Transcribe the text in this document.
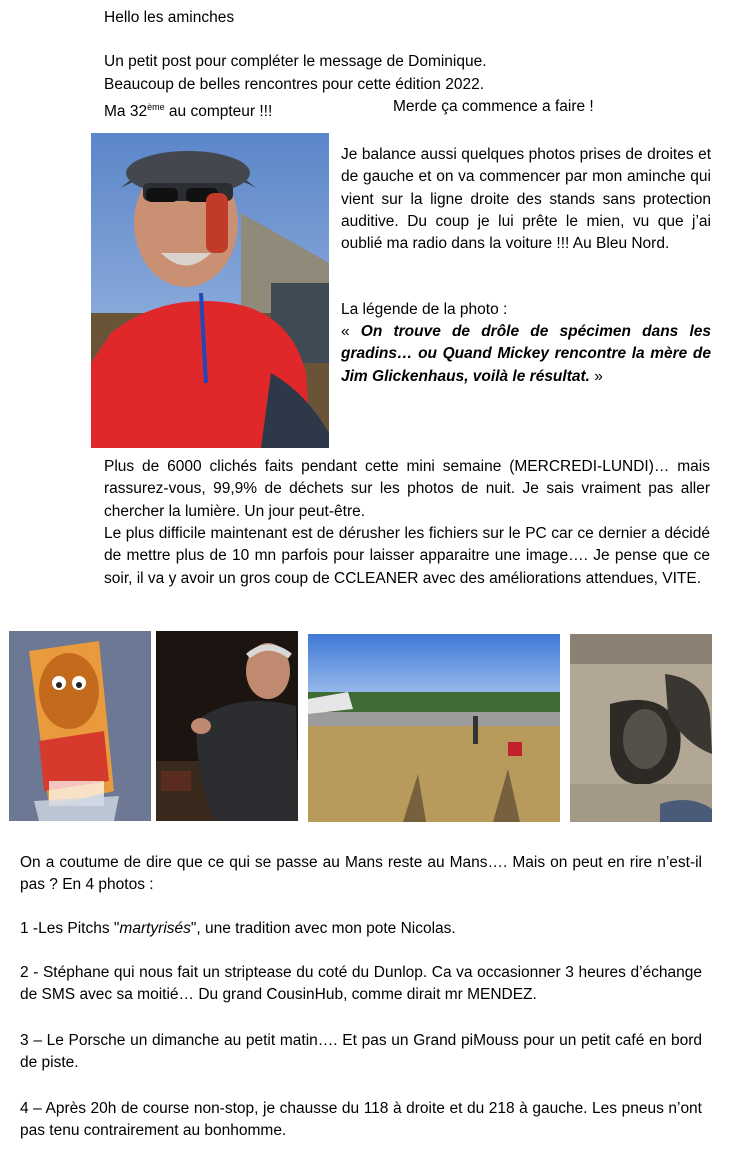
Hello les aminches

Un petit post pour compléter le message de Dominique.

Beaucoup de belles rencontres pour cette édition 2022.

Ma 32ème au compteur !!!	Merde ça commence a faire !

Je balance aussi quelques photos prises de droites et de gauche et on va commencer par mon aminche qui vient sur la ligne droite des stands sans protection auditive. Du coup je lui prête le mien, vu que j’ai oublié ma radio dans la voiture !!! Au Bleu Nord.

La légende de la photo :

« On trouve de drôle de spécimen dans les gradins… ou Quand Mickey rencontre la mère de Jim Glickenhaus, voilà le résultat. »

Plus de 6000 clichés faits pendant cette mini semaine (MERCREDI-LUNDI)… mais rassurez-vous, 99,9% de déchets sur les photos de nuit. Je sais vraiment pas aller chercher la lumière. Un jour peut-être.

Le plus difficile maintenant est de dérusher les fichiers sur le PC car ce dernier a décidé de mettre plus de 10 mn parfois pour laisser apparaitre une image…. Je pense que ce soir, il va y avoir un gros coup de CCLEANER avec des améliorations attendues, VITE.

On a coutume de dire que ce qui se passe au Mans reste au Mans…. Mais on peut en rire n’est-il pas ? En 4 photos :

1 -Les Pitchs "martyrisés", une tradition avec mon pote Nicolas.

2 - Stéphane qui nous fait un striptease du coté du Dunlop. Ca va occasionner 3 heures d’échange de SMS avec sa moitié… Du grand CousinHub, comme dirait mr MENDEZ.

3 – Le Porsche un dimanche au petit matin…. Et pas un Grand piMouss pour un petit café en bord de piste.

4 – Après 20h de course non-stop, je chausse du 118 à droite et du 218 à gauche. Les pneus n’ont pas tenu contrairement au bonhomme.
